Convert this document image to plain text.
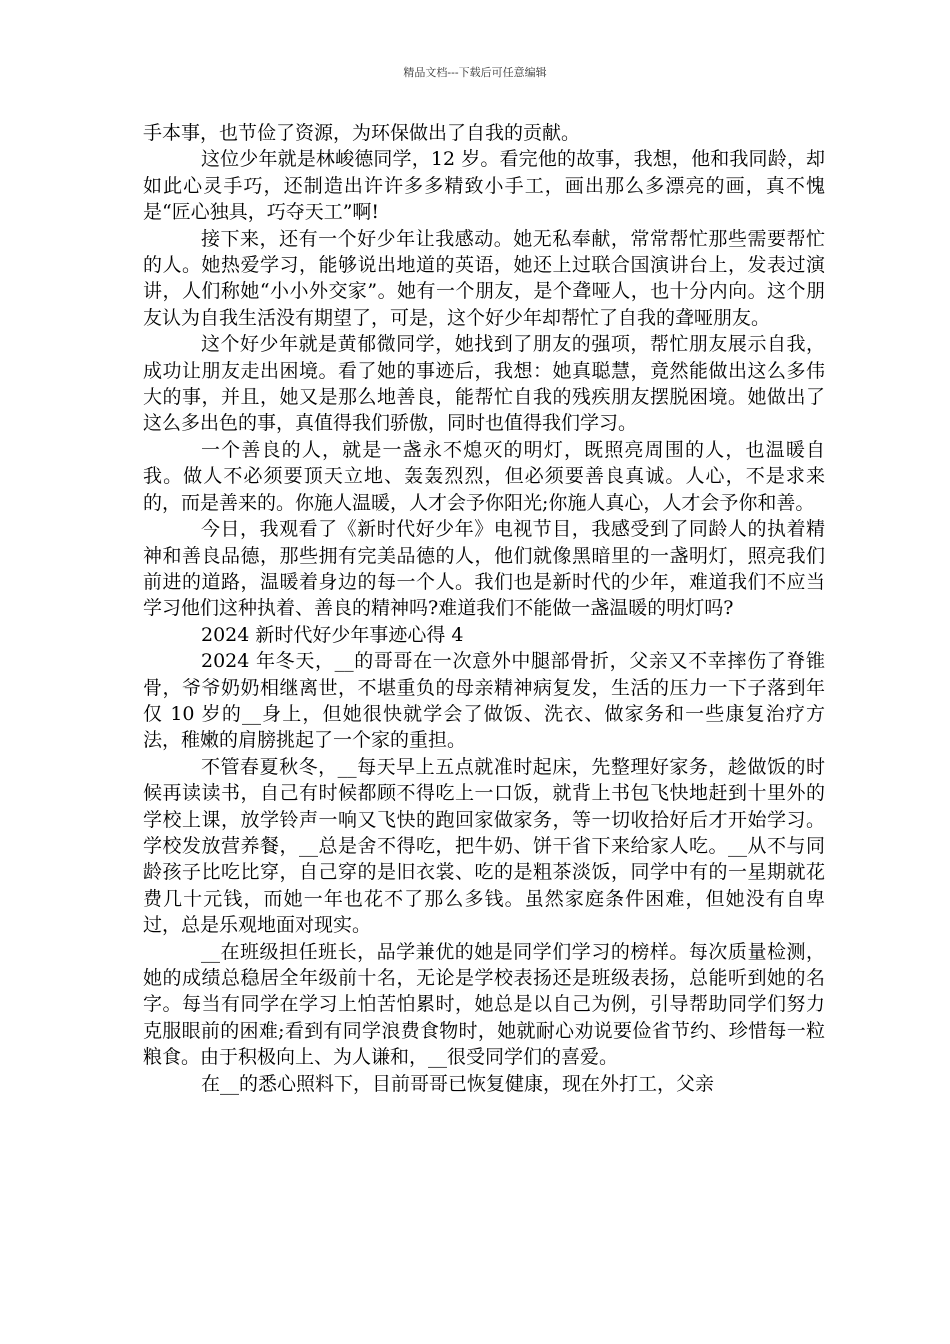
精品文档---下载后可任意编辑

手本事，也节俭了资源，为环保做出了自我的贡献。

这位少年就是林峻德同学，12 岁。看完他的故事，我想，他和我同龄，却如此心灵手巧，还制造出许许多多精致小手工，画出那么多漂亮的画，真不愧是“匠心独具，巧夺天工”啊!

接下来，还有一个好少年让我感动。她无私奉献，常常帮忙那些需要帮忙的人。她热爱学习，能够说出地道的英语，她还上过联合国演讲台上，发表过演讲，人们称她“小小外交家”。她有一个朋友，是个聋哑人，也十分内向。这个朋友认为自我生活没有期望了，可是，这个好少年却帮忙了自我的聋哑朋友。

这个好少年就是黄郁微同学，她找到了朋友的强项，帮忙朋友展示自我，成功让朋友走出困境。看了她的事迹后，我想：她真聪慧，竟然能做出这么多伟大的事，并且，她又是那么地善良，能帮忙自我的残疾朋友摆脱困境。她做出了这么多出色的事，真值得我们骄傲，同时也值得我们学习。

一个善良的人，就是一盏永不熄灭的明灯，既照亮周围的人，也温暖自我。做人不必须要顶天立地、轰轰烈烈，但必须要善良真诚。人心，不是求来的，而是善来的。你施人温暖，人才会予你阳光;你施人真心，人才会予你和善。

今日，我观看了《新时代好少年》电视节目，我感受到了同龄人的执着精神和善良品德，那些拥有完美品德的人，他们就像黑暗里的一盏明灯，照亮我们前进的道路，温暖着身边的每一个人。我们也是新时代的少年，难道我们不应当学习他们这种执着、善良的精神吗?难道我们不能做一盏温暖的明灯吗?

2024 新时代好少年事迹心得 4

2024 年冬天，__的哥哥在一次意外中腿部骨折，父亲又不幸摔伤了脊锥骨，爷爷奶奶相继离世，不堪重负的母亲精神病复发，生活的压力一下子落到年仅 10 岁的__身上，但她很快就学会了做饭、洗衣、做家务和一些康复治疗方法，稚嫩的肩膀挑起了一个家的重担。

不管春夏秋冬，__每天早上五点就准时起床，先整理好家务，趁做饭的时候再读读书，自己有时候都顾不得吃上一口饭，就背上书包飞快地赶到十里外的学校上课，放学铃声一响又飞快的跑回家做家务，等一切收拾好后才开始学习。学校发放营养餐，__总是舍不得吃，把牛奶、饼干省下来给家人吃。__从不与同龄孩子比吃比穿，自己穿的是旧衣裳、吃的是粗茶淡饭，同学中有的一星期就花费几十元钱，而她一年也花不了那么多钱。虽然家庭条件困难，但她没有自卑过，总是乐观地面对现实。

__在班级担任班长，品学兼优的她是同学们学习的榜样。每次质量检测，她的成绩总稳居全年级前十名，无论是学校表扬还是班级表扬，总能听到她的名字。每当有同学在学习上怕苦怕累时，她总是以自己为例，引导帮助同学们努力克服眼前的困难;看到有同学浪费食物时，她就耐心劝说要俭省节约、珍惜每一粒粮食。由于积极向上、为人谦和，__很受同学们的喜爱。

在__的悉心照料下，目前哥哥已恢复健康，现在外打工，父亲
